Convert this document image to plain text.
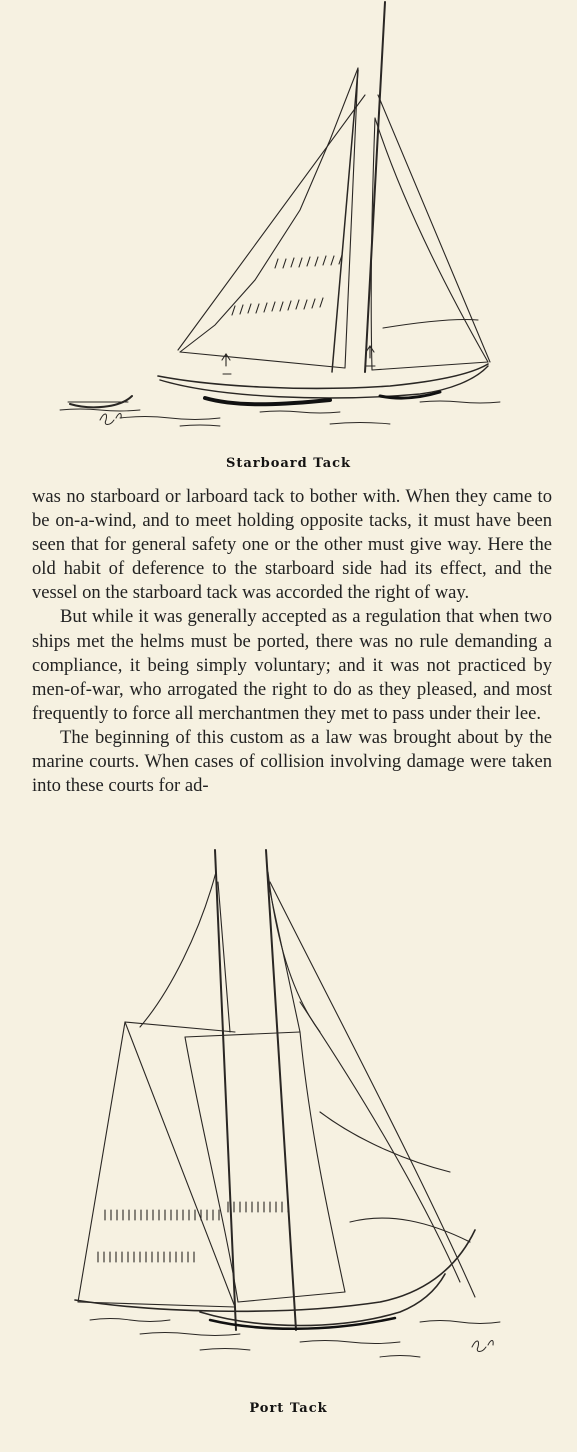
Starboard Tack

was no starboard or larboard tack to bother with. When they came to be on-a-wind, and to meet holding opposite tacks, it must have been seen that for general safety one or the other must give way. Here the old habit of deference to the starboard side had its effect, and the vessel on the starboard tack was accorded the right of way.

But while it was generally accepted as a regulation that when two ships met the helms must be ported, there was no rule demanding a compliance, it being simply voluntary; and it was not practiced by men-of-war, who arrogated the right to do as they pleased, and most frequently to force all merchantmen they met to pass under their lee.

The beginning of this custom as a law was brought about by the marine courts. When cases of collision involving damage were taken into these courts for ad-

Port Tack
